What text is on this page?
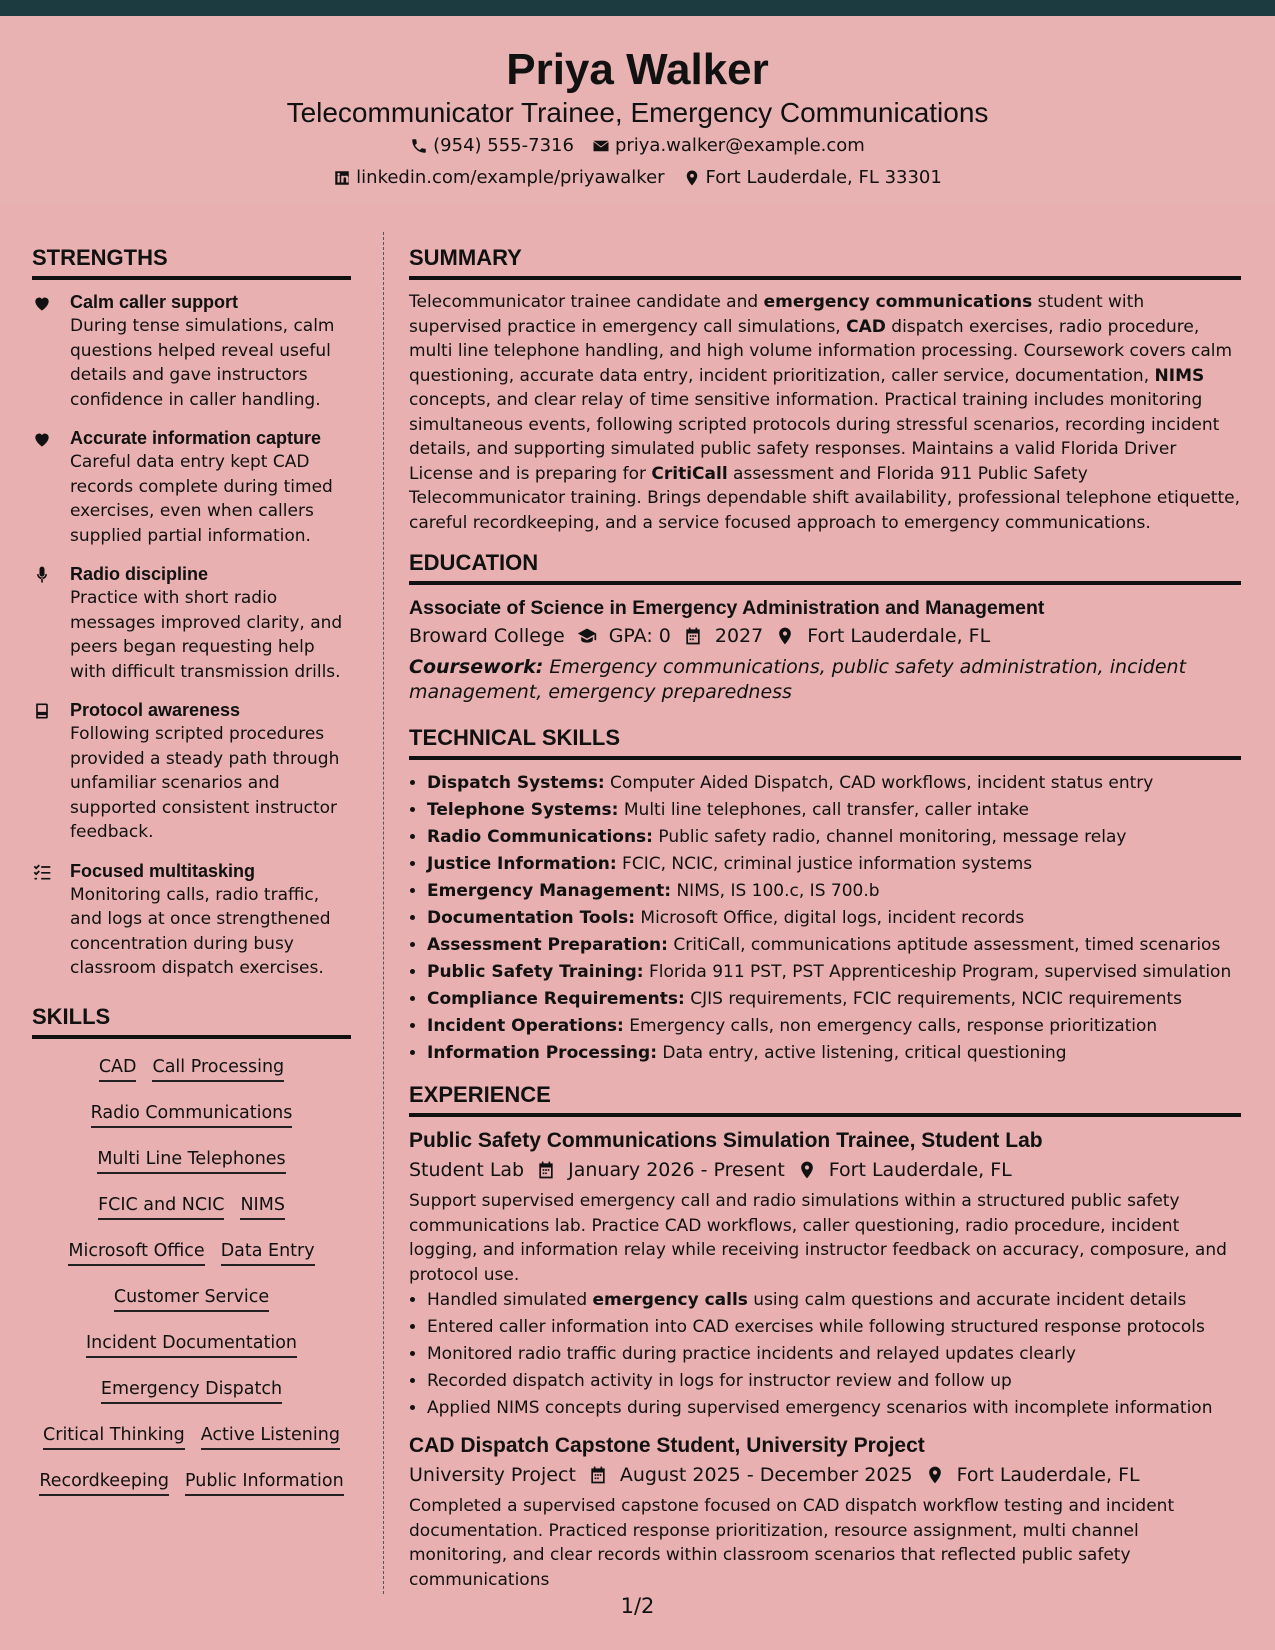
Priya Walker
Telecommunicator Trainee, Emergency Communications
(954) 555-7316 priya.walker@example.com
linkedin.com/example/priyawalker Fort Lauderdale, FL 33301
STRENGTHS
Calm caller support
During tense simulations, calm questions helped reveal useful details and gave instructors confidence in caller handling.
Accurate information capture
Careful data entry kept CAD records complete during timed exercises, even when callers supplied partial information.
Radio discipline
Practice with short radio messages improved clarity, and peers began requesting help with difficult transmission drills.
Protocol awareness
Following scripted procedures provided a steady path through unfamiliar scenarios and supported consistent instructor feedback.
Focused multitasking
Monitoring calls, radio traffic, and logs at once strengthened concentration during busy classroom dispatch exercises.
SKILLS
CAD Call Processing
Radio Communications
Multi Line Telephones
FCIC and NCIC NIMS
Microsoft Office Data Entry
Customer Service
Incident Documentation
Emergency Dispatch
Critical Thinking Active Listening
Recordkeeping Public Information
SUMMARY

Telecommunicator trainee candidate and emergency communications student with supervised practice in emergency call simulations, CAD dispatch exercises, radio procedure, multi line telephone handling, and high volume information processing. Coursework covers calm questioning, accurate data entry, incident prioritization, caller service, documentation, NIMS concepts, and clear relay of time sensitive information. Practical training includes monitoring simultaneous events, following scripted protocols during stressful scenarios, recording incident details, and supporting simulated public safety responses. Maintains a valid Florida Driver License and is preparing for CritiCall assessment and Florida 911 Public Safety Telecommunicator training. Brings dependable shift availability, professional telephone etiquette, careful recordkeeping, and a service focused approach to emergency communications.

EDUCATION
Associate of Science in Emergency Administration and Management
Broward College GPA: 0 2027 Fort Lauderdale, FL
Coursework: Emergency communications, public safety administration, incident management, emergency preparedness
TECHNICAL SKILLS
• Dispatch Systems: Computer Aided Dispatch, CAD workflows, incident status entry
• Telephone Systems: Multi line telephones, call transfer, caller intake
• Radio Communications: Public safety radio, channel monitoring, message relay
• Justice Information: FCIC, NCIC, criminal justice information systems
• Emergency Management: NIMS, IS 100.c, IS 700.b
• Documentation Tools: Microsoft Office, digital logs, incident records
• Assessment Preparation: CritiCall, communications aptitude assessment, timed scenarios
• Public Safety Training: Florida 911 PST, PST Apprenticeship Program, supervised simulation
• Compliance Requirements: CJIS requirements, FCIC requirements, NCIC requirements
• Incident Operations: Emergency calls, non emergency calls, response prioritization
• Information Processing: Data entry, active listening, critical questioning
EXPERIENCE
Public Safety Communications Simulation Trainee, Student Lab
Student Lab January 2026 - Present Fort Lauderdale, FL
Support supervised emergency call and radio simulations within a structured public safety communications lab. Practice CAD workflows, caller questioning, radio procedure, incident logging, and information relay while receiving instructor feedback on accuracy, composure, and protocol use.
• Handled simulated emergency calls using calm questions and accurate incident details
• Entered caller information into CAD exercises while following structured response protocols
• Monitored radio traffic during practice incidents and relayed updates clearly
• Recorded dispatch activity in logs for instructor review and follow up
• Applied NIMS concepts during supervised emergency scenarios with incomplete information
CAD Dispatch Capstone Student, University Project
University Project August 2025 - December 2025 Fort Lauderdale, FL
Completed a supervised capstone focused on CAD dispatch workflow testing and incident documentation. Practiced response prioritization, resource assignment, multi channel monitoring, and clear records within classroom scenarios that reflected public safety communications
1/2
